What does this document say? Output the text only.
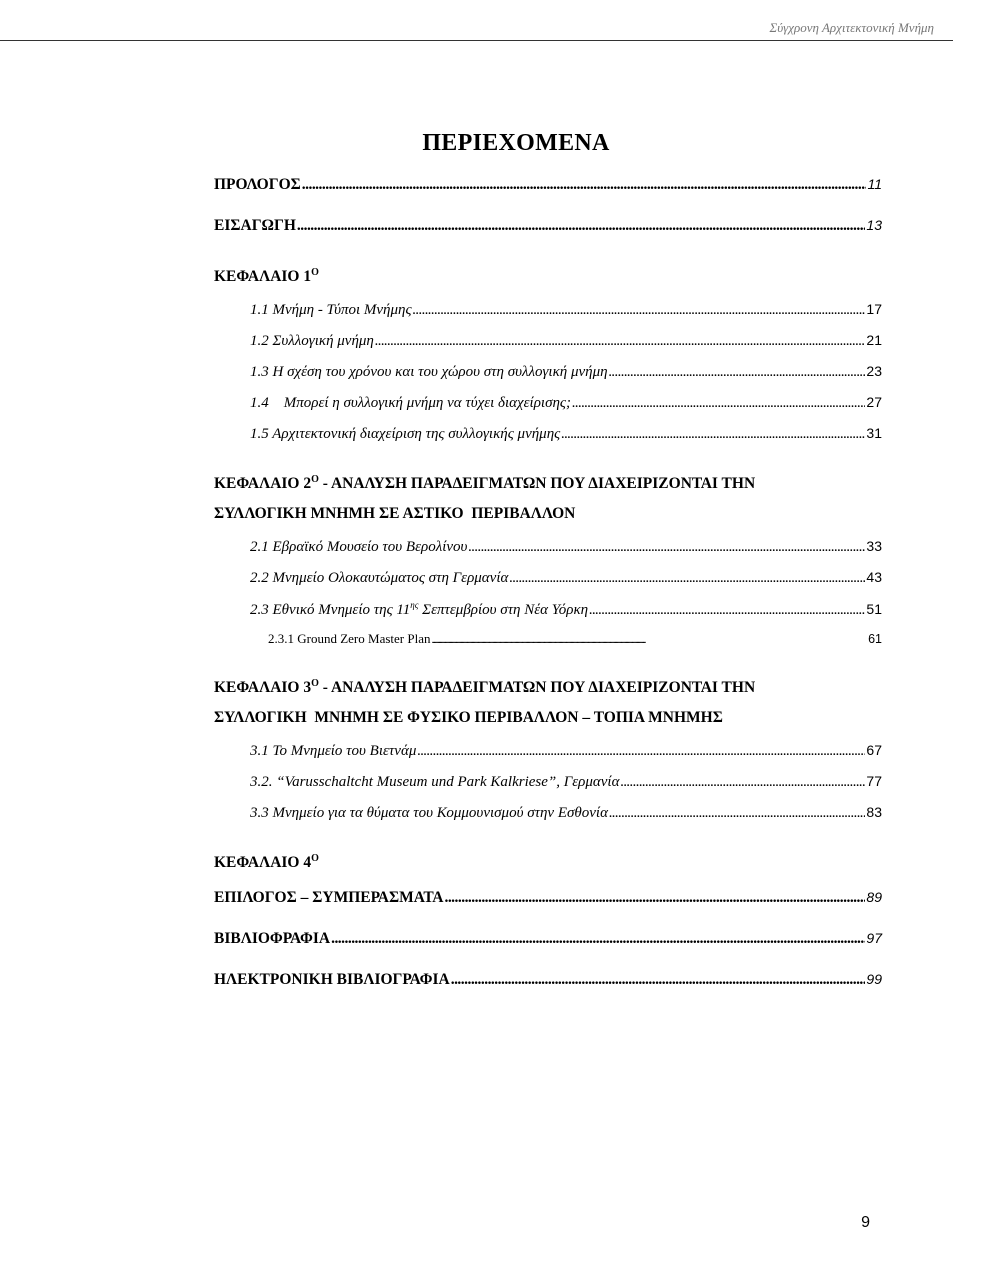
Σύγχρονη Αρχιτεκτονική Μνήμη
ΠΕΡΙΕΧΟΜΕΝΑ
ΠΡΟΛΟΓΟΣ . . .	11
ΕΙΣΑΓΩΓΗ . . .	13
ΚΕΦΑΛΑΙΟ $1^O$
1.1 Μνήμη - Τύποι Μνήμης . . .	17
1.2 Συλλογική μνήμη . . .	21
1.3 Η σχέση του χρόνου και του χώρου στη συλλογική μνήμη . . .	23
1.4    Μπορεί η συλλογική μνήμη να τύχει διαχείρισης; . . .	27
1.5 Αρχιτεκτονική διαχείριση της συλλογικής μνήμης . . .	31
ΚΕΦΑΛΑΙΟ $2^O$ - ΑΝΑΛΥΣΗ ΠΑΡΑΔΕΙΓΜΑΤΩΝ ΠΟΥ ΔΙΑΧΕΙΡΙΖΟΝΤΑΙ ΤΗΝ
ΣΥΛΛΟΓΙΚΗ ΜΝΗΜΗ ΣΕ ΑΣΤΙΚΟ  ΠΕΡΙΒΑΛΛΟΝ
2.1 Εβραϊκό Μουσείο του Βερολίνου . . .	33
2.2 Μνημείο Ολοκαυτώματος στη Γερμανία . . .	43
2.3 Εθνικό Μνημείο της $11^{\eta\varsigma}$ Σεπτεμβρίου στη Νέα Υόρκη . . .	51
2.3.1 Ground Zero Master Plan . . .	61
ΚΕΦΑΛΑΙΟ $3^O$ - ΑΝΑΛΥΣΗ ΠΑΡΑΔΕΙΓΜΑΤΩΝ ΠΟΥ ΔΙΑΧΕΙΡΙΖΟΝΤΑΙ ΤΗΝ
ΣΥΛΛΟΓΙΚΗ  ΜΝΗΜΗ ΣΕ ΦΥΣΙΚΟ ΠΕΡΙΒΑΛΛΟΝ – ΤΟΠΙΑ ΜΝΗΜΗΣ
3.1 Το Μνημείο του Βιετνάμ . . .	67
3.2. “Varusschaltcht Museum und Park Kalkriese”, Γερμανία . . .	77
3.3 Μνημείο για τα θύματα του Κομμουνισμού στην Εσθονία . . .	83
ΚΕΦΑΛΑΙΟ $4^O$
ΕΠΙΛΟΓΟΣ – ΣΥΜΠΕΡΑΣΜΑΤΑ . . .	89
ΒΙΒΛΙΟΦΡΑΦΙΑ . . .	97
ΗΛΕΚΤΡΟΝΙΚΗ ΒΙΒΛΙΟΓΡΑΦΙΑ . . .	99
9
